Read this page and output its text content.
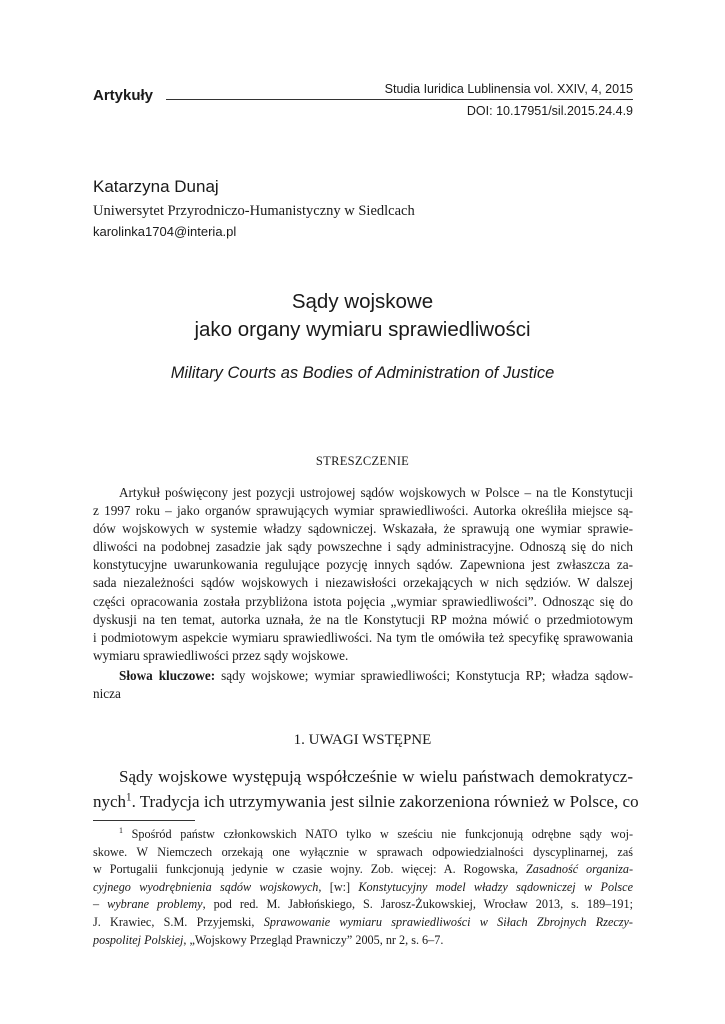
Artykuły	Studia Iuridica Lublinensia vol. XXIV, 4, 2015
DOI: 10.17951/sil.2015.24.4.9
Katarzyna Dunaj
Uniwersytet Przyrodniczo-Humanistyczny w Siedlcach
karolinka1704@interia.pl
Sądy wojskowe
jako organy wymiaru sprawiedliwości
Military Courts as Bodies of Administration of Justice
STRESZCZENIE
Artykuł poświęcony jest pozycji ustrojowej sądów wojskowych w Polsce – na tle Konstytucji
z 1997 roku – jako organów sprawujących wymiar sprawiedliwości. Autorka określiła miejsce są-
dów wojskowych w systemie władzy sądowniczej. Wskazała, że sprawują one wymiar sprawie-
dliwości na podobnej zasadzie jak sądy powszechne i sądy administracyjne. Odnoszą się do nich
konstytucyjne uwarunkowania regulujące pozycję innych sądów. Zapewniona jest zwłaszcza za-
sada niezależności sądów wojskowych i niezawisłości orzekających w nich sędziów. W dalszej
części opracowania została przybliżona istota pojęcia „wymiar sprawiedliwości”. Odnosząc się do
dyskusji na ten temat, autorka uznała, że na tle Konstytucji RP można mówić o przedmiotowym
i podmiotowym aspekcie wymiaru sprawiedliwości. Na tym tle omówiła też specyfikę sprawowania
wymiaru sprawiedliwości przez sądy wojskowe.
Słowa kluczowe: sądy wojskowe; wymiar sprawiedliwości; Konstytucja RP; władza sądow-
nicza
1. UWAGI WSTĘPNE
Sądy wojskowe występują współcześnie w wielu państwach demokratycz-
nych$^1$. Tradycja ich utrzymywania jest silnie zakorzeniona również w Polsce, co
$^1$ Spośród państw członkowskich NATO tylko w sześciu nie funkcjonują odrębne sądy woj-
skowe. W Niemczech orzekają one wyłącznie w sprawach odpowiedzialności dyscyplinarnej, zaś
w Portugalii funkcjonują jedynie w czasie wojny. Zob. więcej: A. Rogowska, Zasadność organiza-
cyjnego wyodrębnienia sądów wojskowych, [w:] Konstytucyjny model władzy sądowniczej w Polsce
– wybrane problemy, pod red. M. Jabłońskiego, S. Jarosz-Żukowskiej, Wrocław 2013, s. 189–191;
J. Krawiec, S.M. Przyjemski, Sprawowanie wymiaru sprawiedliwości w Siłach Zbrojnych Rzeczy-
pospolitej Polskiej, „Wojskowy Przegląd Prawniczy” 2005, nr 2, s. 6–7.
